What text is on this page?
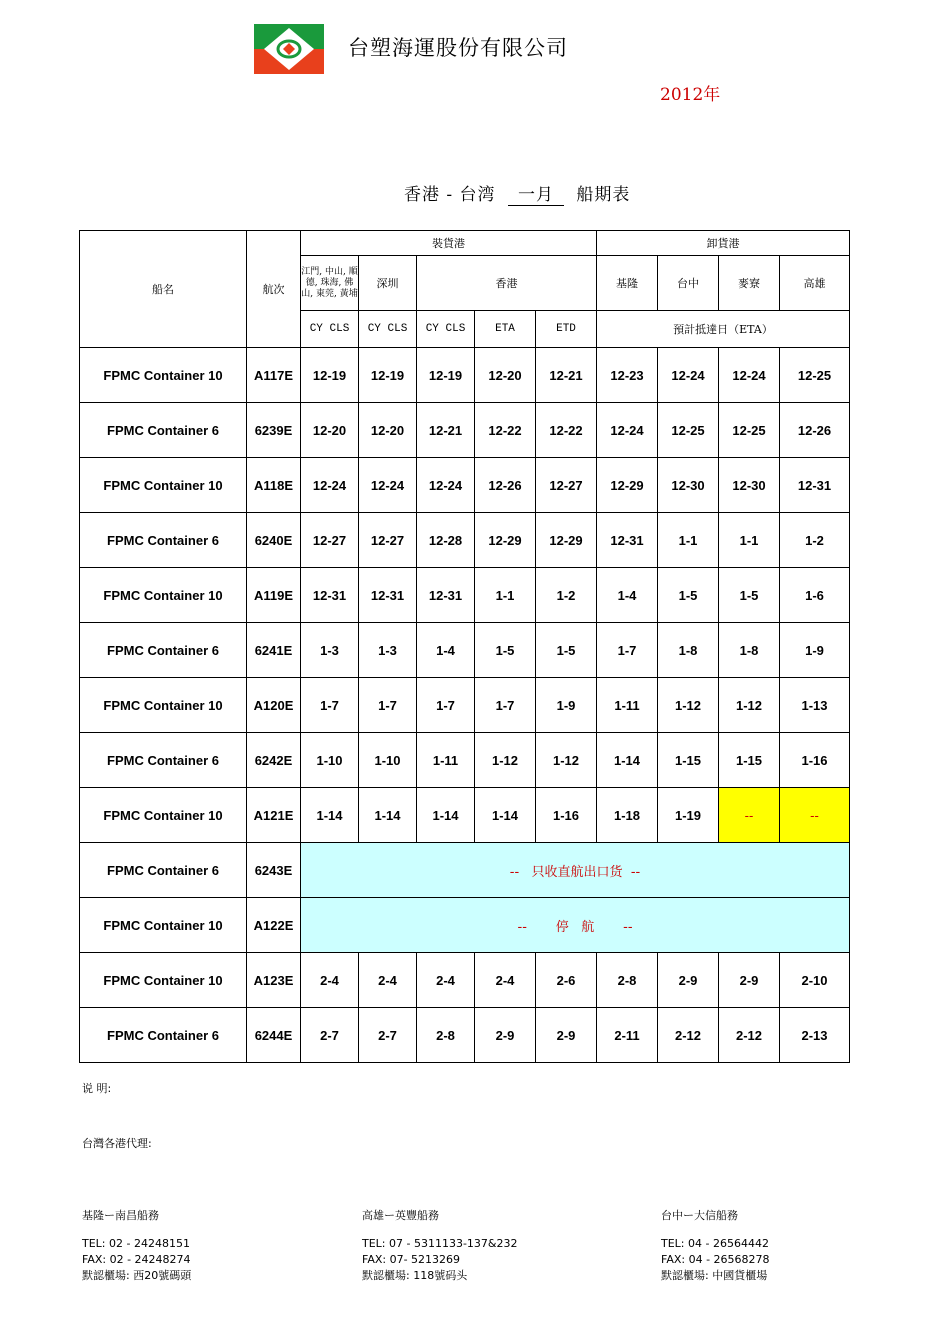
台塑海運股份有限公司
2012年
香港 - 台湾 一月 船期表
船名	航次	裝貨港					卸貨港			
		江門, 中山, 順德, 珠海, 佛山, 東莞, 黃埔	深圳	香港			基隆	台中	麥寮	高雄
		CY CLS	CY CLS	CY CLS	ETA	ETD	預計抵達日（ETA）			
FPMC Container 10	A117E	12-19	12-19	12-19	12-20	12-21	12-23	12-24	12-24	12-25
FPMC Container 6	6239E	12-20	12-20	12-21	12-22	12-22	12-24	12-25	12-25	12-26
FPMC Container 10	A118E	12-24	12-24	12-24	12-26	12-27	12-29	12-30	12-30	12-31
FPMC Container 6	6240E	12-27	12-27	12-28	12-29	12-29	12-31	1-1	1-1	1-2
FPMC Container 10	A119E	12-31	12-31	12-31	1-1	1-2	1-4	1-5	1-5	1-6
FPMC Container 6	6241E	1-3	1-3	1-4	1-5	1-5	1-7	1-8	1-8	1-9
FPMC Container 10	A120E	1-7	1-7	1-7	1-7	1-9	1-11	1-12	1-12	1-13
FPMC Container 6	6242E	1-10	1-10	1-11	1-12	1-12	1-14	1-15	1-15	1-16
FPMC Container 10	A121E	1-14	1-14	1-14	1-14	1-16	1-18	1-19	--	--
FPMC Container 6	6243E	--   只收直航出口货  --								
FPMC Container 10	A122E	--       停   航       --								
FPMC Container 10	A123E	2-4	2-4	2-4	2-4	2-6	2-8	2-9	2-9	2-10
FPMC Container 6	6244E	2-7	2-7	2-8	2-9	2-9	2-11	2-12	2-12	2-13
说 明:
台灣各港代理:
基隆ー南昌船務
TEL: 02 - 24248151
FAX: 02 - 24248274
默認櫃場: 西20號碼頭
高雄ー英豐船務
TEL: 07 - 5311133-137&232
FAX: 07- 5213269
默認櫃場: 118號码头
台中ー大信船務
TEL: 04 - 26564442
FAX: 04 - 26568278
默認櫃場: 中國貨櫃場
